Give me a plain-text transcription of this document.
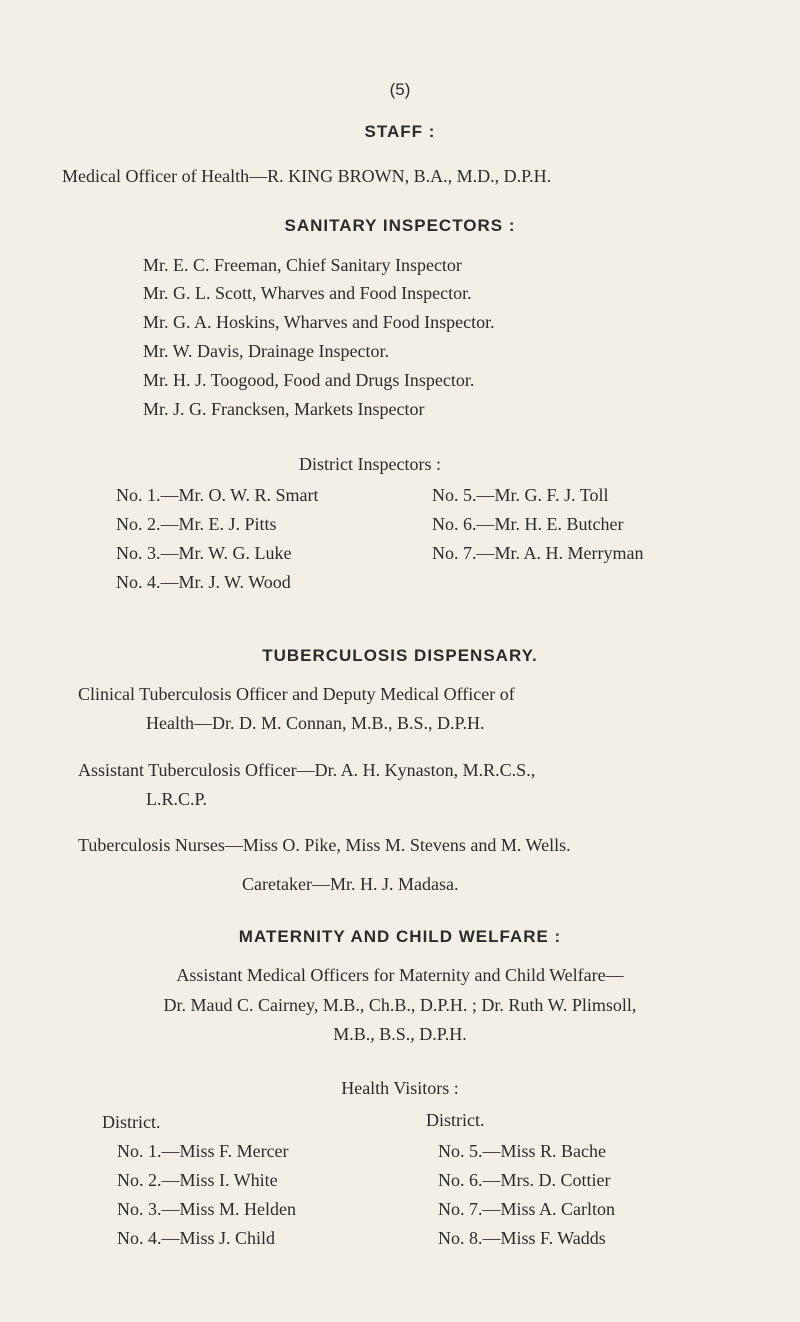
(5)
STAFF :
Medical Officer of Health—R. KING BROWN, B.A., M.D., D.P.H.
SANITARY INSPECTORS :
Mr. E. C. Freeman, Chief Sanitary Inspector
Mr. G. L. Scott, Wharves and Food Inspector.
Mr. G. A. Hoskins, Wharves and Food Inspector.
Mr. W. Davis, Drainage Inspector.
Mr. H. J. Toogood, Food and Drugs Inspector.
Mr. J. G. Francksen, Markets Inspector
District Inspectors :
No. 1.—Mr. O. W. R. Smart
No. 2.—Mr. E. J. Pitts
No. 3.—Mr. W. G. Luke
No. 4.—Mr. J. W. Wood
No. 5.—Mr. G. F. J. Toll
No. 6.—Mr. H. E. Butcher
No. 7.—Mr. A. H. Merryman
TUBERCULOSIS DISPENSARY.
Clinical Tuberculosis Officer and Deputy Medical Officer of
Health—Dr. D. M. Connan, M.B., B.S., D.P.H.
Assistant Tuberculosis Officer—Dr. A. H. Kynaston, M.R.C.S.,
L.R.C.P.
Tuberculosis Nurses—Miss O. Pike, Miss M. Stevens and M. Wells.
Caretaker—Mr. H. J. Madasa.
MATERNITY AND CHILD WELFARE :
Assistant Medical Officers for Maternity and Child Welfare—
Dr. Maud C. Cairney, M.B., Ch.B., D.P.H. ; Dr. Ruth W. Plimsoll,
M.B., B.S., D.P.H.
Health Visitors :
District.	District.
No. 1.—Miss F. Mercer
No. 2.—Miss I. White
No. 3.—Miss M. Helden
No. 4.—Miss J. Child
No. 5.—Miss R. Bache
No. 6.—Mrs. D. Cottier
No. 7.—Miss A. Carlton
No. 8.—Miss F. Wadds
